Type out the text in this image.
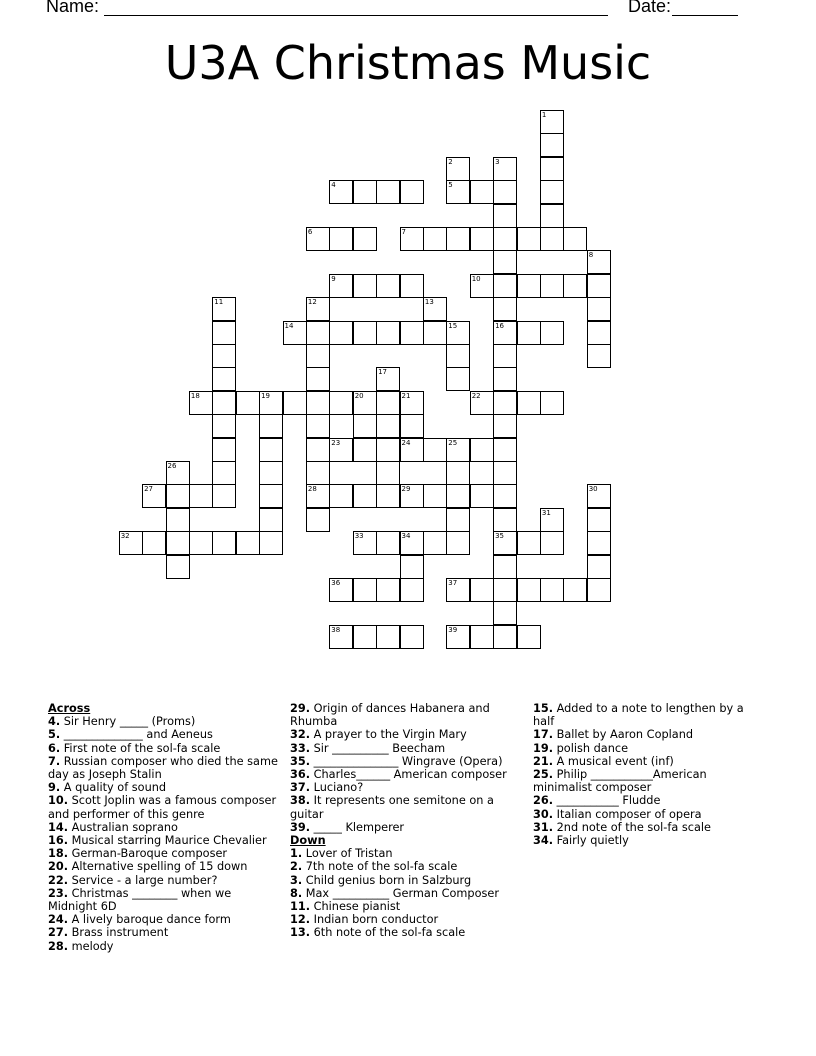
Name:	Date:
U3A Christmas Music
1
2	3
4	5
6	7
8
9	10
11	12	13
14	15	16
17
18	19	20	21	22
23	24	25
26
27	28	29	30
31
32	33	34	35
36	37
38	39

Across

4. Sir Henry _____ (Proms)

5. ______________ and Aeneus

6. First note of the sol-fa scale

7. Russian composer who died the same day as Joseph Stalin

9. A quality of sound

10. Scott Joplin was a famous composer and performer of this genre

14. Australian soprano

16. Musical starring Maurice Chevalier

18. German-Baroque composer

20. Alternative spelling of 15 down

22. Service - a large number?

23. Christmas ________ when we Midnight 6D

24. A lively baroque dance form

27. Brass instrument

28. melody

29. Origin of dances Habanera and Rhumba

32. A prayer to the Virgin Mary

33. Sir __________ Beecham

35. _______________ Wingrave (Opera)

36. Charles______ American composer

37. Luciano?

38. It represents one semitone on a guitar

39. _____ Klemperer

Down

1. Lover of Tristan

2. 7th note of the sol-fa scale

3. Child genius born in Salzburg

8. Max __________ German Composer

11. Chinese pianist

12. Indian born conductor

13. 6th note of the sol-fa scale

15. Added to a note to lengthen by a half

17. Ballet by Aaron Copland

19. polish dance

21. A musical event (inf)

25. Philip ___________American minimalist composer

26. ___________ Fludde

30. Italian composer of opera

31. 2nd note of the sol-fa scale

34. Fairly quietly
